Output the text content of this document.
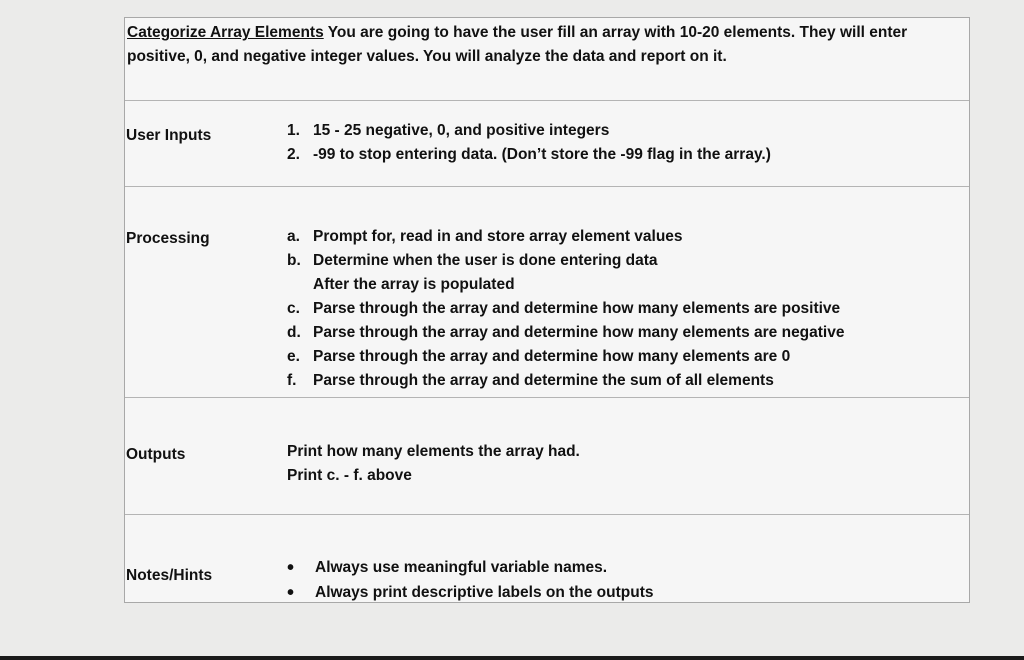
Categorize Array Elements You are going to have the user fill an array with 10-20 elements. They will enter positive, 0, and negative integer values. You will analyze the data and report on it.
User Inputs	1. 15 - 25 negative, 0, and positive integers
2. -99 to stop entering data. (Don’t store the -99 flag in the array.)
Processing	a. Prompt for, read in and store array element values
b. Determine when the user is done entering data
After the array is populated
c. Parse through the array and determine how many elements are positive
d. Parse through the array and determine how many elements are negative
e. Parse through the array and determine how many elements are 0
f.	Parse through the array and determine the sum of all elements
Outputs	Print how many elements the array had.
Print c. - f. above
Notes/Hints	•	Always use meaningful variable names.
•	Always print descriptive labels on the outputs
